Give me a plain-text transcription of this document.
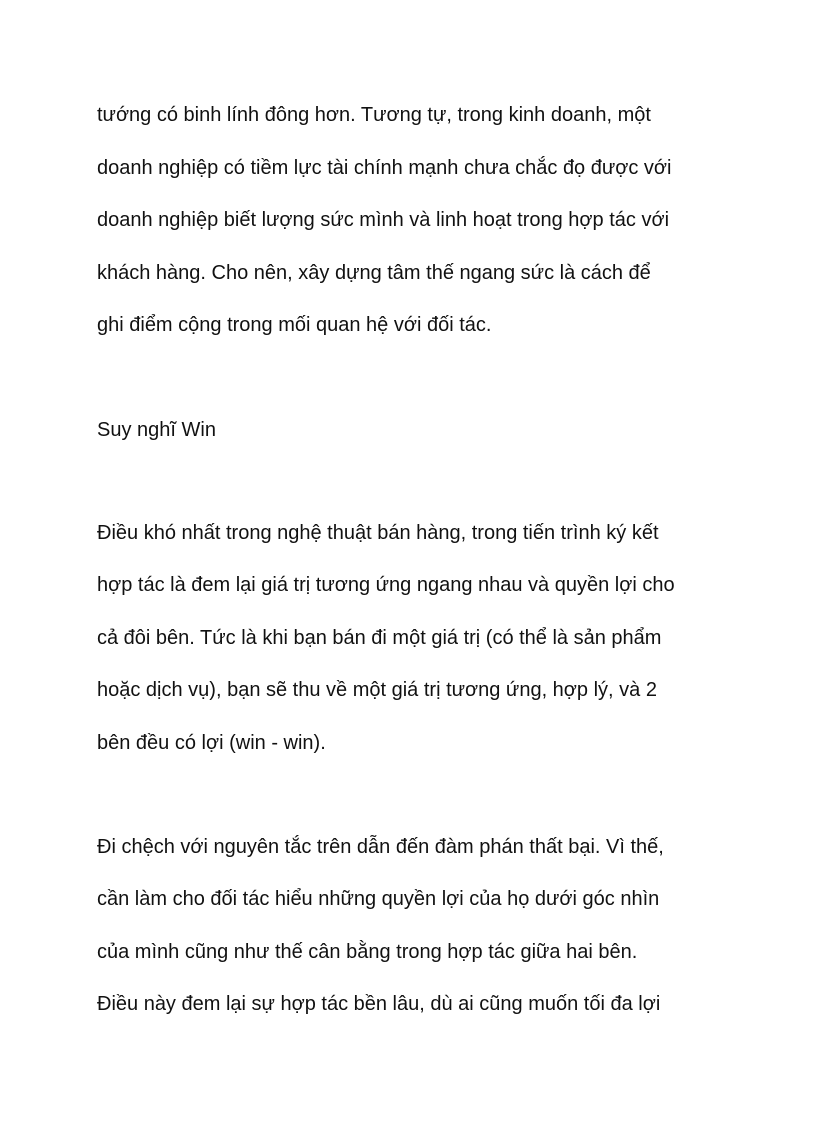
tướng có binh lính đông hơn. Tương tự, trong kinh doanh, một

doanh nghiệp có tiềm lực tài chính mạnh chưa chắc đọ được với

doanh nghiệp biết lượng sức mình và linh hoạt trong hợp tác với

khách hàng. Cho nên, xây dựng tâm thế ngang sức là cách để

ghi điểm cộng trong mối quan hệ với đối tác.

Suy nghĩ Win

Điều khó nhất trong nghệ thuật bán hàng, trong tiến trình ký kết

hợp tác là đem lại giá trị tương ứng ngang nhau và quyền lợi cho

cả đôi bên. Tức là khi bạn bán đi một giá trị (có thể là sản phẩm

hoặc dịch vụ), bạn sẽ thu về một giá trị tương ứng, hợp lý, và 2

bên đều có lợi (win - win).

Đi chệch với nguyên tắc trên dẫn đến đàm phán thất bại. Vì thế,

cần làm cho đối tác hiểu những quyền lợi của họ dưới góc nhìn

của mình cũng như thế cân bằng trong hợp tác giữa hai bên.

Điều này đem lại sự hợp tác bền lâu, dù ai cũng muốn tối đa lợi
